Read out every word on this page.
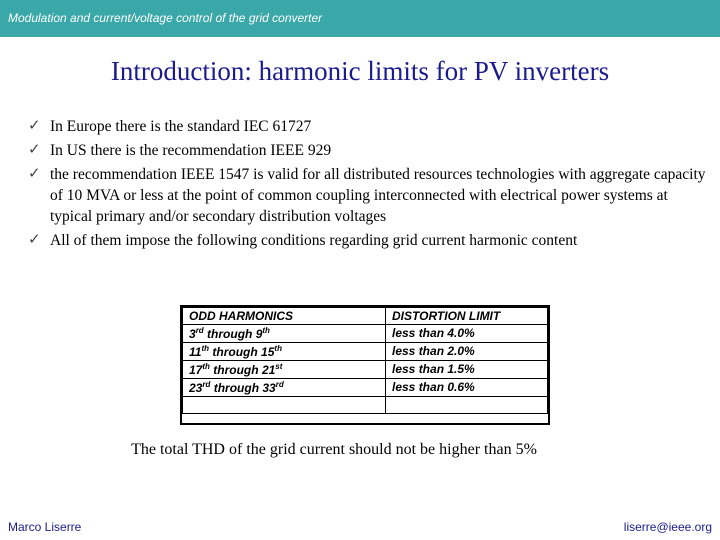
Modulation and current/voltage control of the grid converter
Introduction: harmonic limits for PV inverters
✓ In Europe there is the standard IEC 61727
✓ In US there is the recommendation IEEE 929
✓ the recommendation IEEE 1547 is valid for all distributed resources technologies with aggregate capacity of 10 MVA or less at the point of common coupling interconnected with electrical power systems at typical primary and/or secondary distribution voltages
✓ All of them impose the following conditions regarding grid current harmonic content
ODD HARMONICS	DISTORTION LIMIT
3rd through 9th	less than 4.0%
11th through 15th	less than 2.0%
17th through 21st	less than 1.5%
23rd through 33rd	less than 0.6%

The total THD of the grid current should not be higher than 5%
Marco Liserre	liserre@ieee.org
